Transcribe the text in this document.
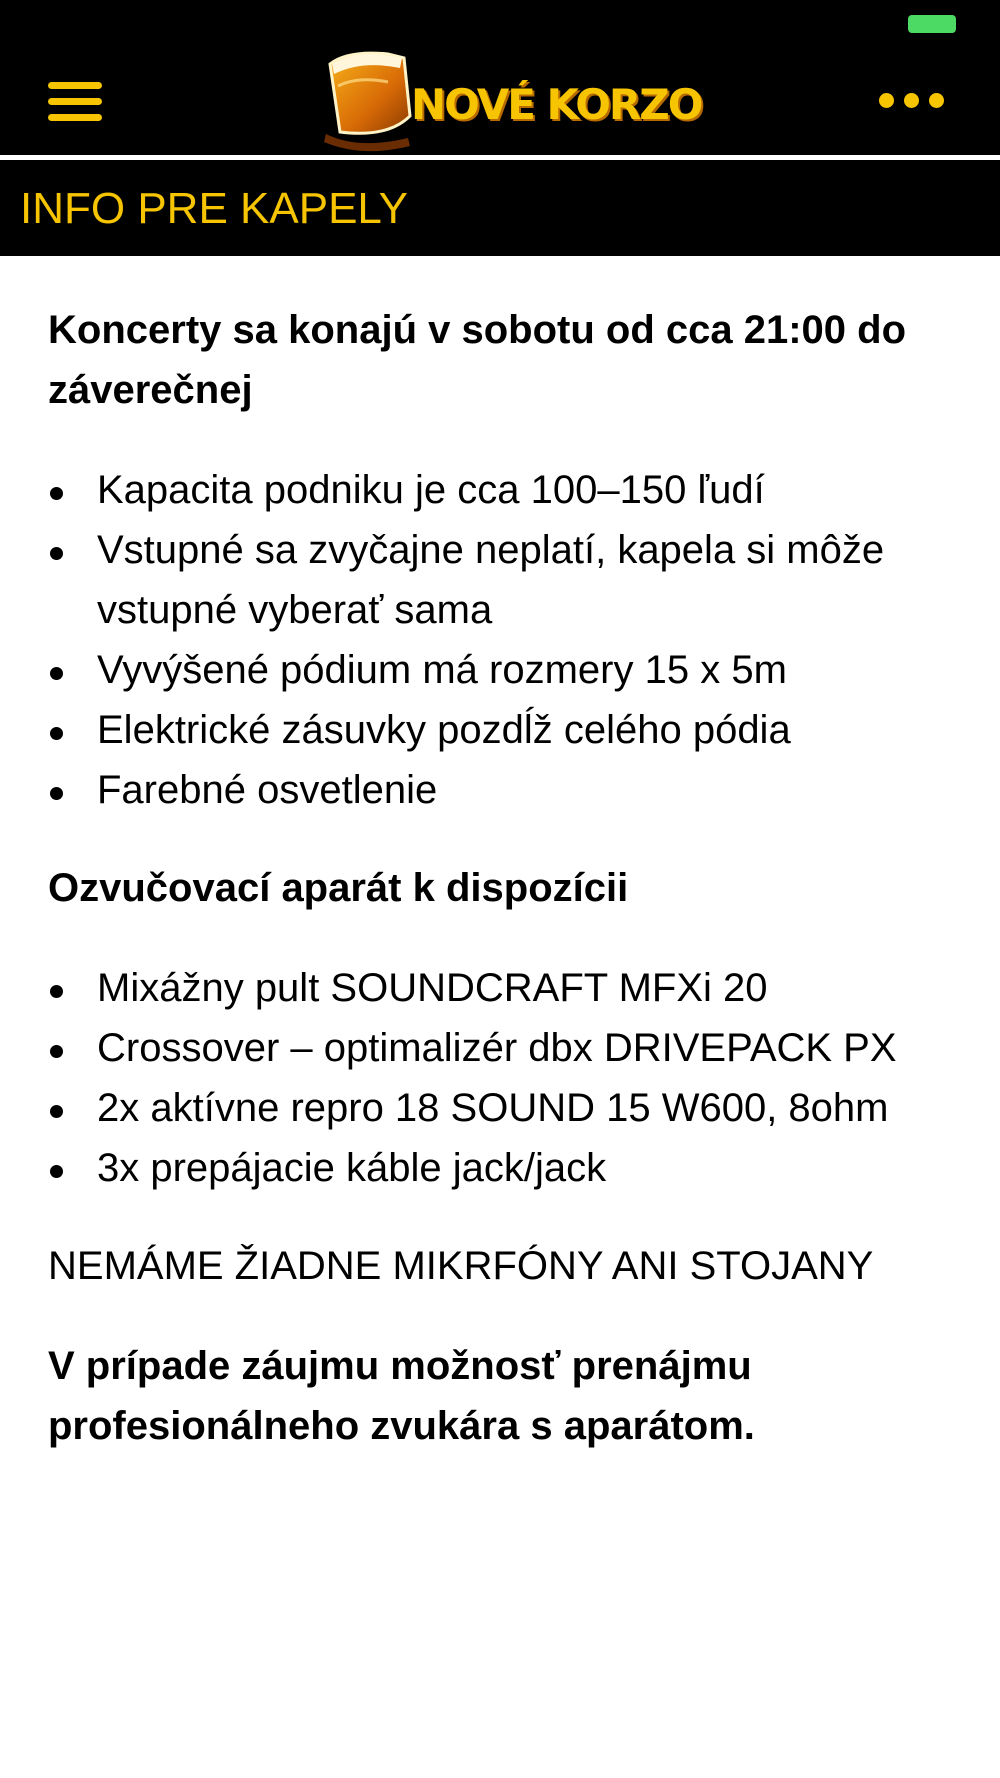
NOVÉ KORZO
INFO PRE KAPELY
Koncerty sa konajú v sobotu od cca 21:00 do záverečnej
Kapacita podniku je cca 100–150 ľudí
Vstupné sa zvyčajne neplatí, kapela si môže vstupné vyberať sama
Vyvýšené pódium má rozmery 15 x 5m
Elektrické zásuvky pozdĺž celého pódia
Farebné osvetlenie
Ozvučovací aparát k dispozícii
Mixážny pult SOUNDCRAFT MFXi 20
Crossover – optimalizér dbx DRIVEPACK PX
2x aktívne repro 18 SOUND 15 W600, 8ohm
3x prepájacie káble jack/jack

NEMÁME ŽIADNE MIKRFÓNY ANI STOJANY

V prípade záujmu možnosť prenájmu profesionálneho zvukára s aparátom.
